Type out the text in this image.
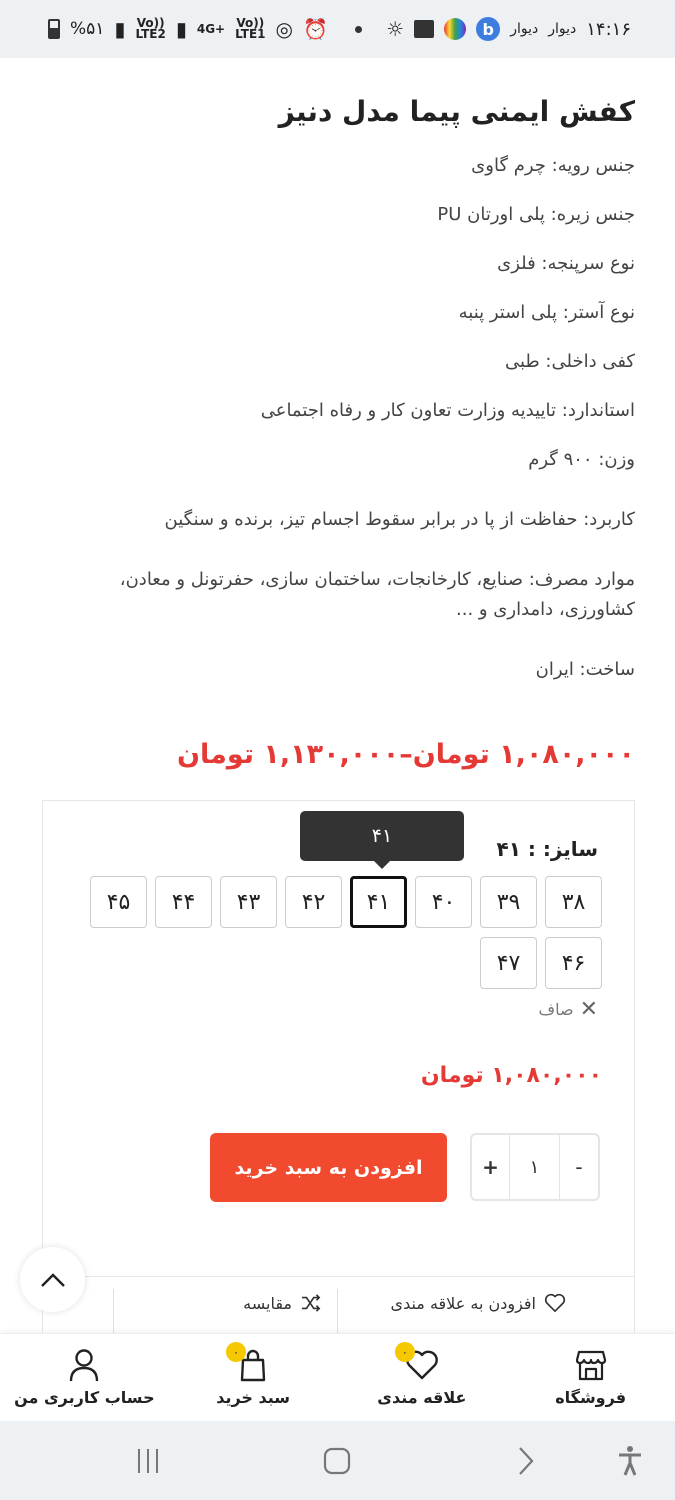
%۵۱ ▮ Vo))
LTE2 ▮ 4G+ Vo))
LTE1 ◎ ⏰	☼	b	دیوار دیوار ۱۴:۱۶
کفش ایمنی پیما مدل دنیز

جنس رویه: چرم گاوی

جنس زیره: پلی اورتان PU

نوع سرپنجه: فلزی

نوع آستر: پلی استر پنبه

کفی داخلی: طبی

استاندارد: تاییدیه وزارت تعاون کار و رفاه اجتماعی

وزن: ۹۰۰ گرم

کاربرد: حفاظت از پا در برابر سقوط اجسام تیز، برنده و سنگین

موارد مصرف: صنایع، کارخانجات، ساختمان سازی، حفرتونل و معادن، کشاورزی، دامداری و ...

ساخت: ایران

۱,۰۸۰,۰۰۰ تومان–۱,۱۳۰,۰۰۰ تومان

سایز: : ۴۱
۴۱
۳۸
۳۹
۴۰
۴۱
۴۲
۴۳
۴۴
۴۵
۴۶
۴۷
✕
صاف
۱,۰۸۰,۰۰۰ تومان
+	۱	-
افزودن به سبد خرید
افزودن به علاقه مندی
مقایسه
فروشگاه
۰
علاقه مندی
۰
سبد خرید
حساب کاربری من
